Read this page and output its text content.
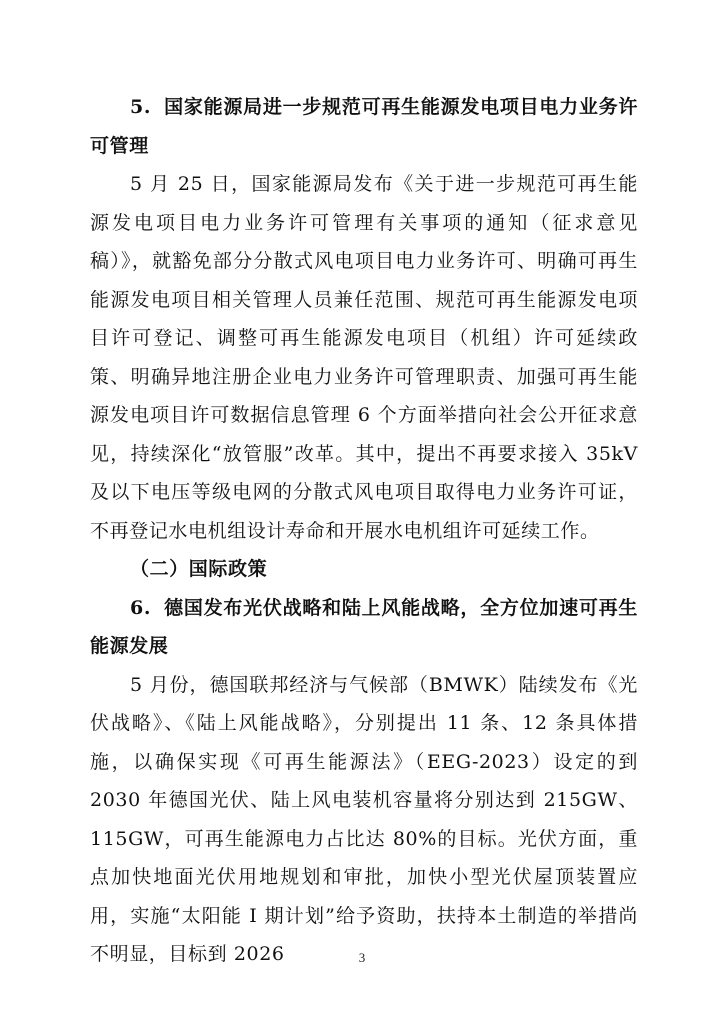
5. 国家能源局进一步规范可再生能源发电项目电力业务许可管理

5 月 25 日，国家能源局发布《关于进一步规范可再生能源发电项目电力业务许可管理有关事项的通知（征求意见稿）》，就豁免部分分散式风电项目电力业务许可、明确可再生能源发电项目相关管理人员兼任范围、规范可再生能源发电项目许可登记、调整可再生能源发电项目（机组）许可延续政策、明确异地注册企业电力业务许可管理职责、加强可再生能源发电项目许可数据信息管理 6 个方面举措向社会公开征求意见，持续深化“放管服”改革。其中，提出不再要求接入 35kV 及以下电压等级电网的分散式风电项目取得电力业务许可证，不再登记水电机组设计寿命和开展水电机组许可延续工作。

（二）国际政策

6. 德国发布光伏战略和陆上风能战略，全方位加速可再生能源发展

5 月份，德国联邦经济与气候部（BMWK）陆续发布《光伏战略》、《陆上风能战略》，分别提出 11 条、12 条具体措施，以确保实现《可再生能源法》（EEG-2023）设定的到 2030 年德国光伏、陆上风电装机容量将分别达到 215GW、115GW，可再生能源电力占比达 80%的目标。光伏方面，重点加快地面光伏用地规划和审批，加快小型光伏屋顶装置应用，实施“太阳能 I 期计划”给予资助，扶持本土制造的举措尚不明显，目标到 2026	3
